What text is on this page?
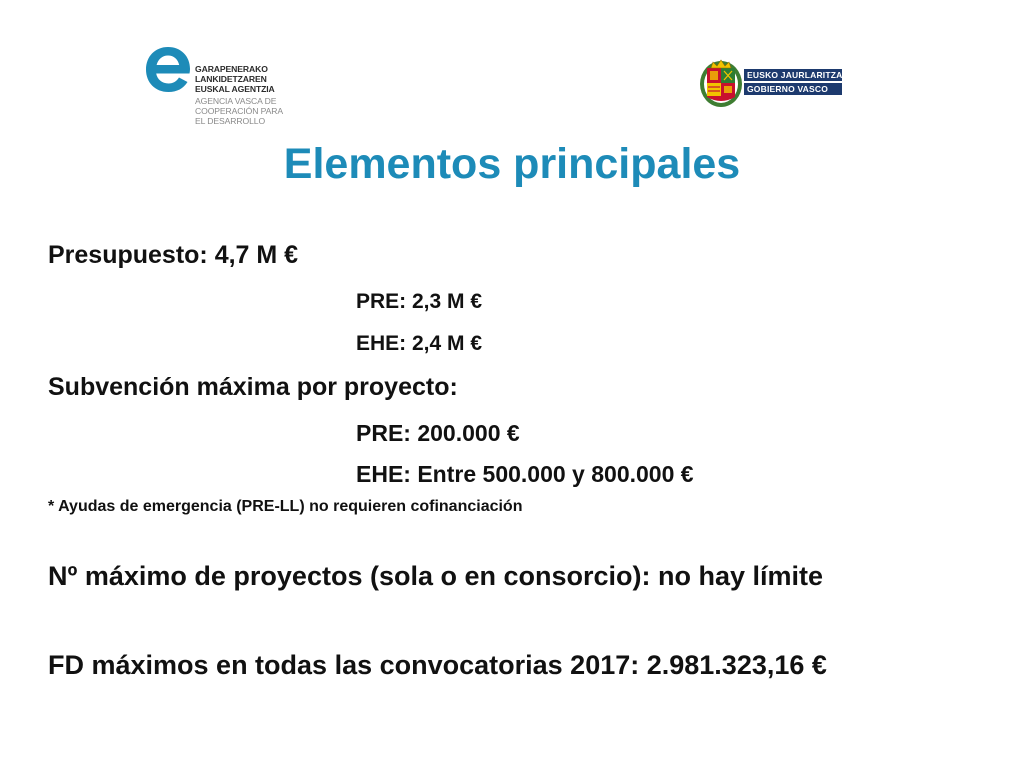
GARAPENERAKO
LANKIDETZAREN
EUSKAL AGENTZIA
AGENCIA VASCA DE
COOPERACIÓN PARA
EL DESARROLLO
EUSKO JAURLARITZA
GOBIERNO VASCO
Elementos principales

Presupuesto: 4,7 M €

PRE: 2,3 M €

EHE: 2,4 M €

Subvención máxima por proyecto:

PRE: 200.000 €

EHE: Entre 500.000 y 800.000 €

* Ayudas de emergencia (PRE-LL) no requieren cofinanciación

Nº máximo de proyectos (sola o en consorcio): no hay límite

FD máximos en todas las convocatorias 2017: 2.981.323,16 €
